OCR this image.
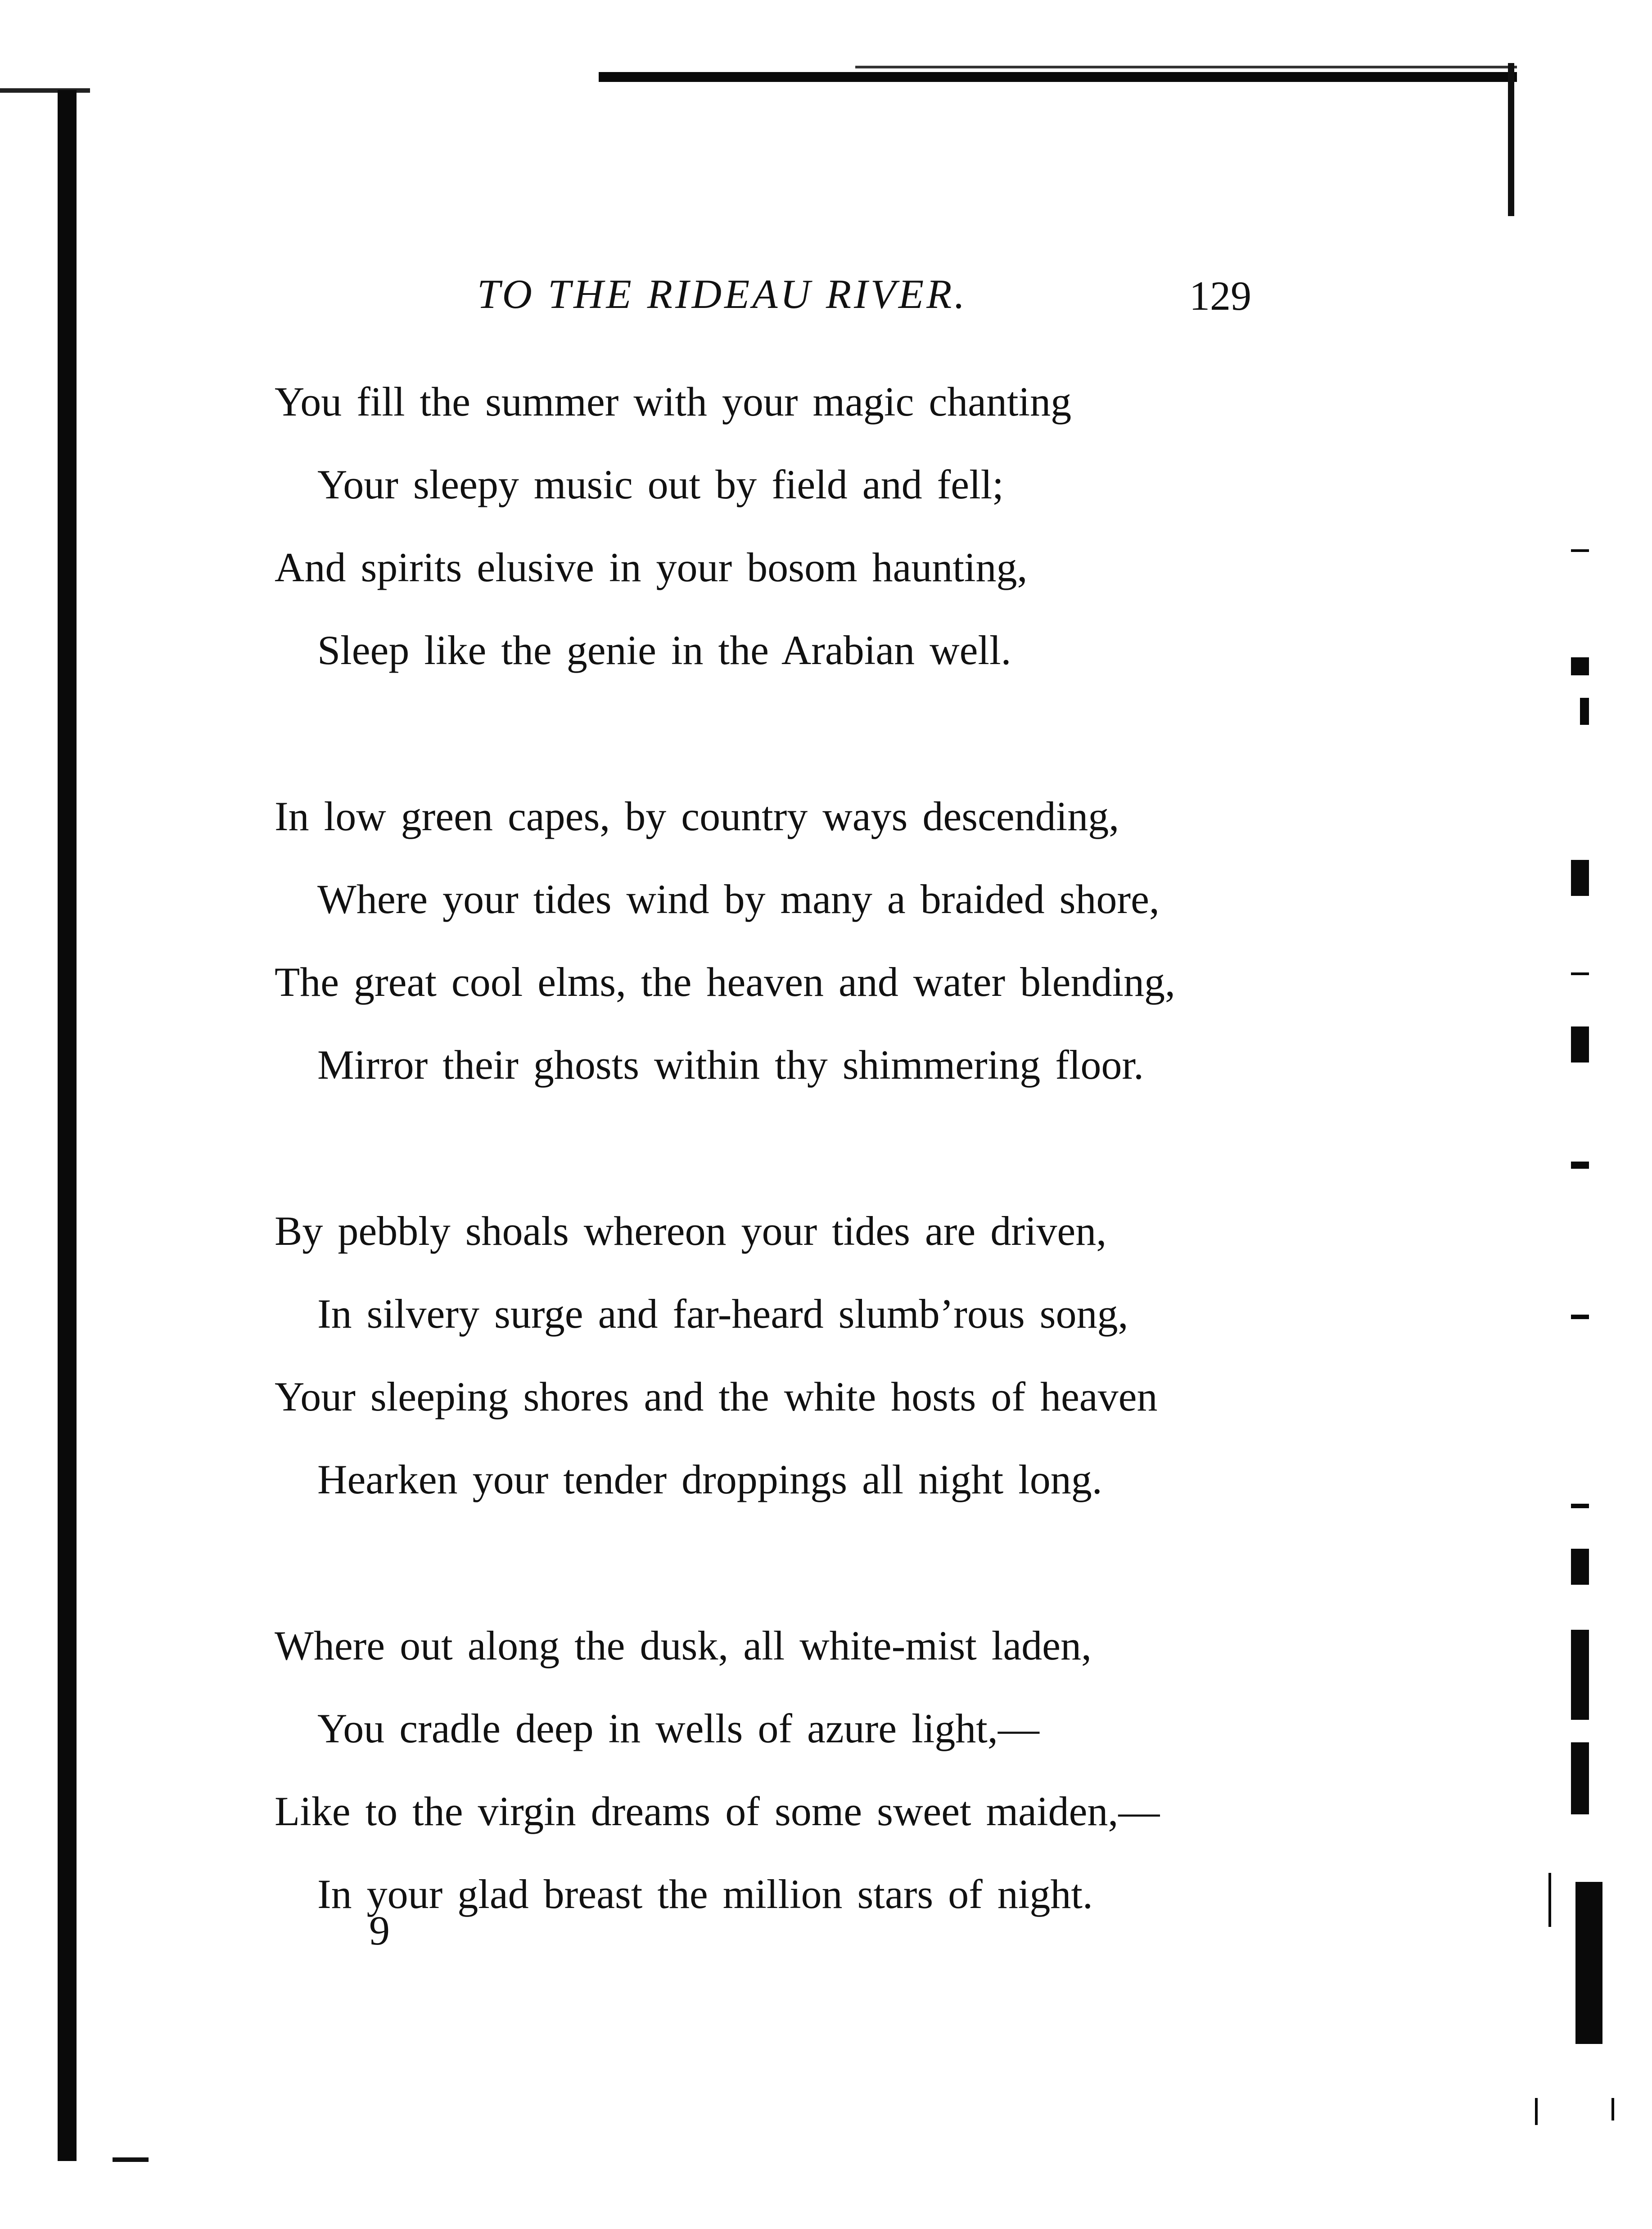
TO THE RIDEAU RIVER.	129
You fill the summer with your magic chanting
Your sleepy music out by field and fell;
And spirits elusive in your bosom haunting,
Sleep like the genie in the Arabian well.
In low green capes, by country ways descending,
Where your tides wind by many a braided shore,
The great cool elms, the heaven and water blending,
Mirror their ghosts within thy shimmering floor.
By pebbly shoals whereon your tides are driven,
In silvery surge and far-heard slumb’rous song,
Your sleeping shores and the white hosts of heaven
Hearken your tender droppings all night long.
Where out along the dusk, all white-mist laden,
You cradle deep in wells of azure light,—
Like to the virgin dreams of some sweet maiden,—
In your glad breast the million stars of night.
9
